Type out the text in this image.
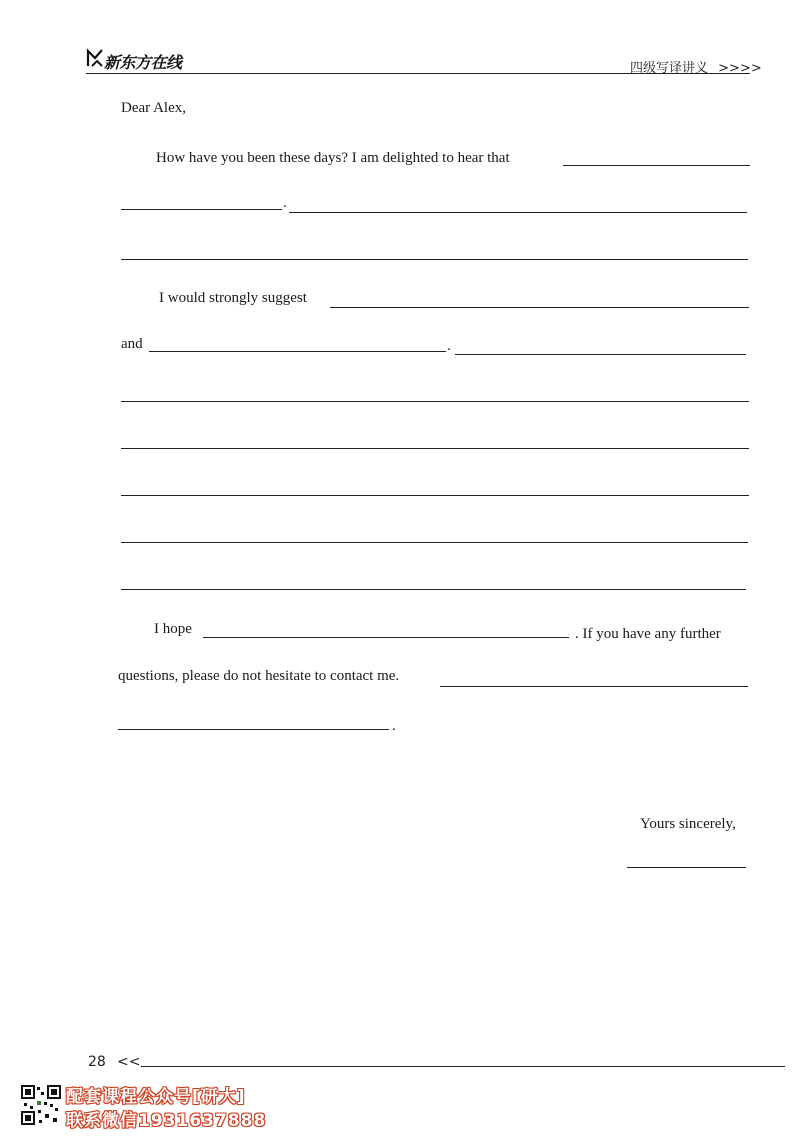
新东方在线	四级写译讲义 >>>>
Dear Alex,
How have you been these days? I am delighted to hear that
.
I would strongly suggest
and	.
I hope	. If you have any further
questions, please do not hesitate to contact me.
.
Yours sincerely,
28 <<
配套课程公众号[研大]
联系微信1931637888
